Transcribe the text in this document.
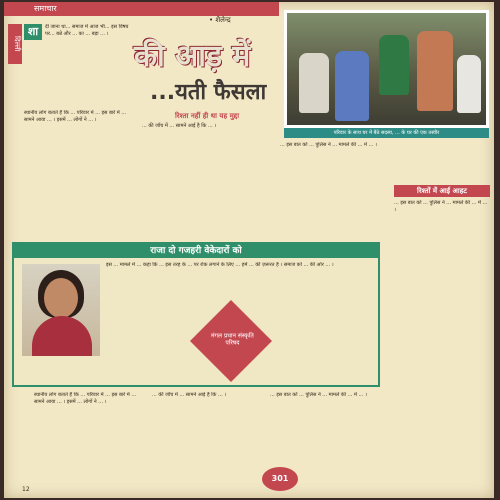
समाचार
• शैलेन्द्र
दिल्ली
शा	दी जाना था... समाज में आज भी... इस विषय पर... बन्ने और ... का ... बड़ा ... ।
की आड़ में
...यती फैसला
परिवार के साथ घर में बैठे सदस्य, ... के घर की एक तस्वीर

स्थानीय लोग बताते हैं कि ... परिवार में ... इस बारे में ... सामने आया ... । इसमें ... लोगों ने ... ।	रिश्ता नहीं ही था यह मुद्दा

... की जाँच में ... सामने आई है कि ... ।

... इस बात को ... पुलिस ने ... मामले की ... में ... ।

रिश्तों में आई आहट

... इस बात को ... पुलिस ने ... मामले की ... में ... ।

राजा दो गजहरी वेकेदारों को
इस ... मामले में ... कहा कि ... इस तरह के ... पर रोक लगाने के लिए ... हमें ... की ज़रूरत है । समाज को ... की ओर ... ।
मंगल प्रधान संस्कृति परिषद

स्थानीय लोग बताते हैं कि ... परिवार में ... इस बारे में ... सामने आया ... । इसमें ... लोगों ने ... ।

... की जाँच में ... सामने आई है कि ... ।	... इस बात को ... पुलिस ने ... मामले की ... में ... ।

301
12
